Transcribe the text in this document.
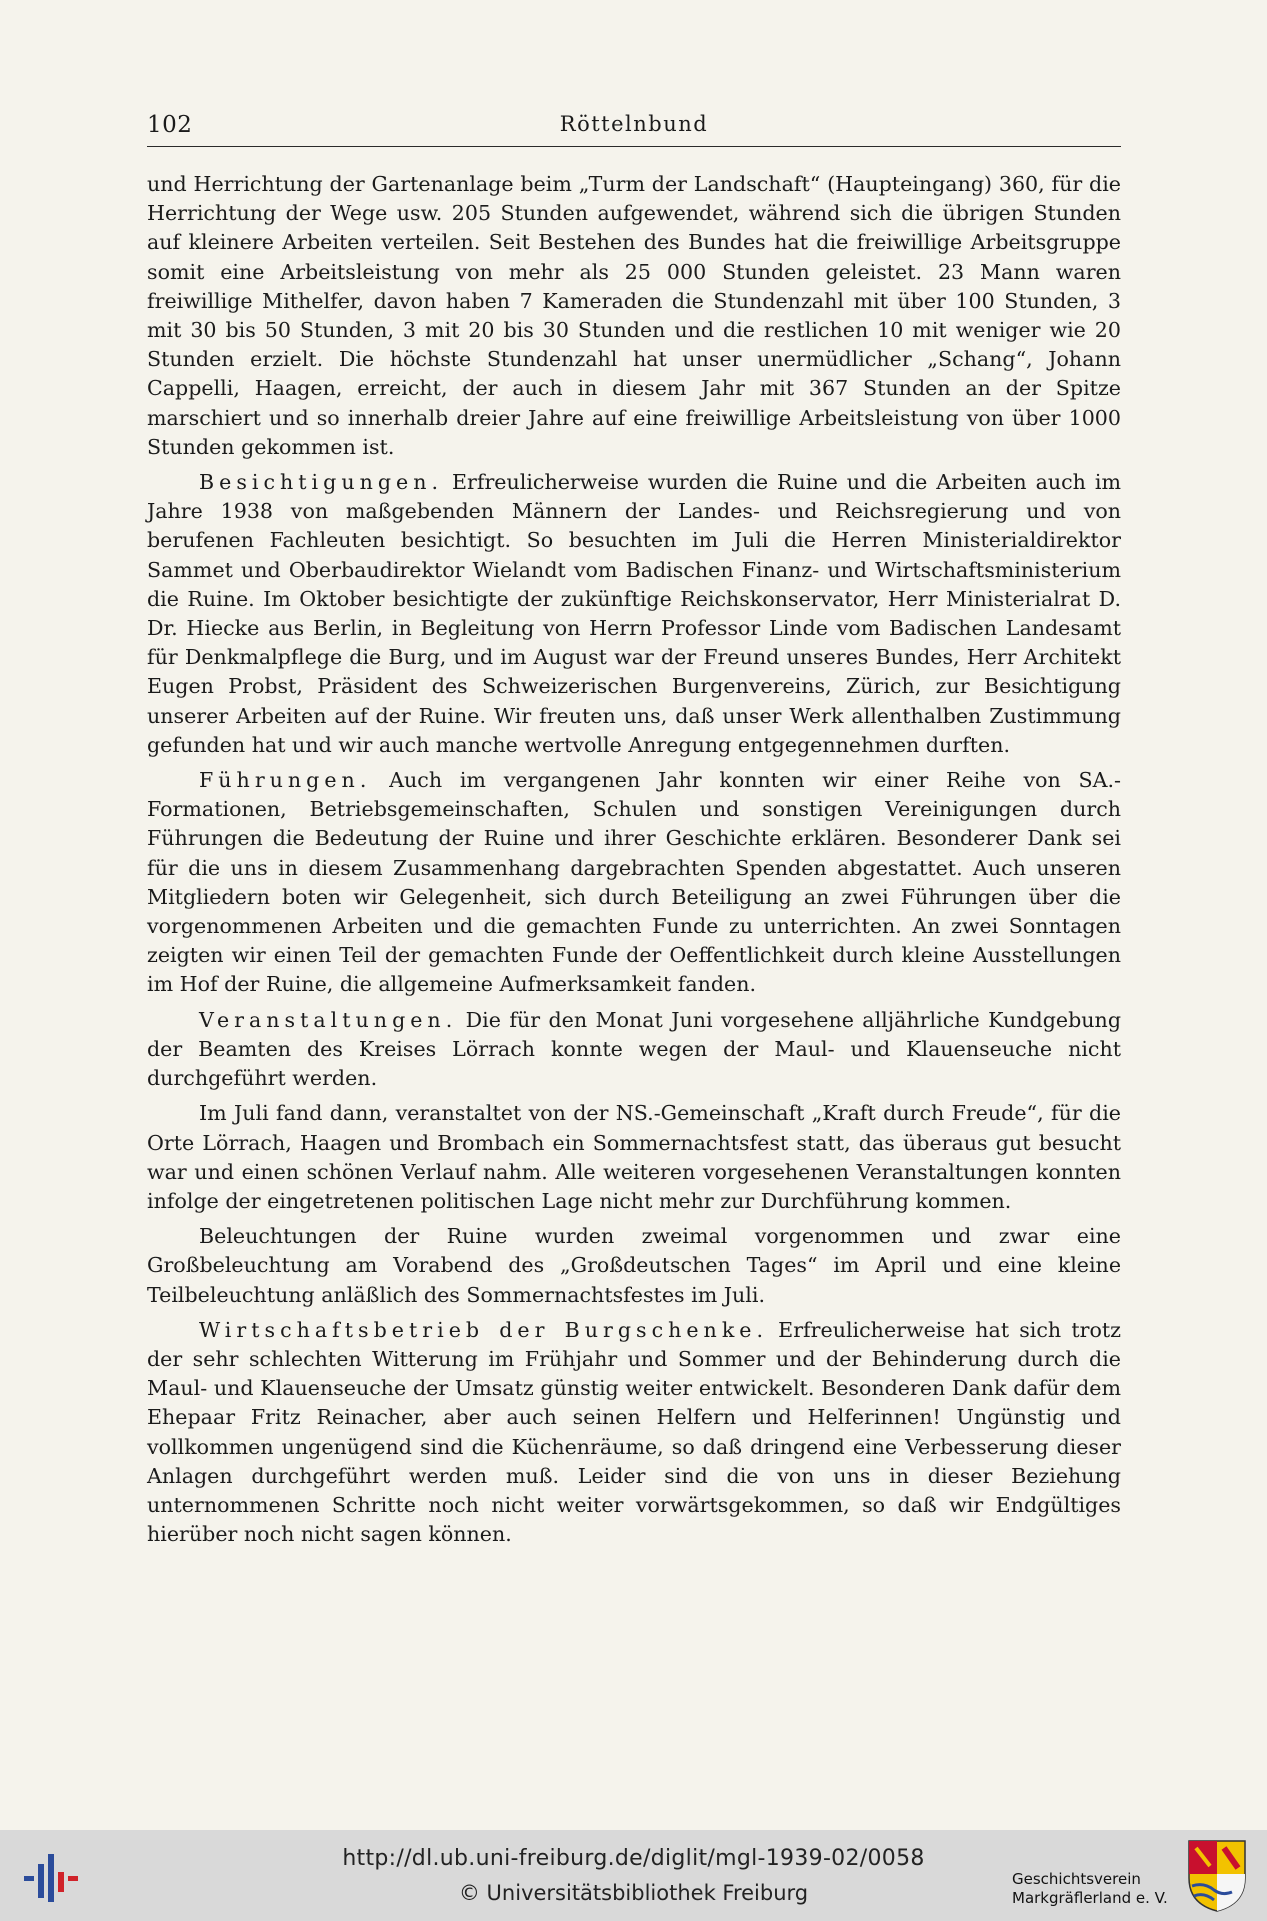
102	Röttelnbund

und Herrichtung der Gartenanlage beim „Turm der Landschaft“ (Haupteingang) 360, für die Herrichtung der Wege usw. 205 Stunden aufgewendet, während sich die übrigen Stunden auf kleinere Arbeiten verteilen. Seit Bestehen des Bundes hat die freiwillige Arbeitsgruppe somit eine Arbeitsleistung von mehr als 25 000 Stunden geleistet. 23 Mann waren freiwillige Mithelfer, davon haben 7 Kameraden die Stundenzahl mit über 100 Stunden, 3 mit 30 bis 50 Stunden, 3 mit 20 bis 30 Stunden und die restlichen 10 mit weniger wie 20 Stunden erzielt. Die höchste Stundenzahl hat unser unermüdlicher „Schang“, Johann Cappelli, Haagen, erreicht, der auch in diesem Jahr mit 367 Stunden an der Spitze marschiert und so innerhalb dreier Jahre auf eine freiwillige Arbeitsleistung von über 1000 Stunden gekommen ist.

Besichtigungen. Erfreulicherweise wurden die Ruine und die Arbeiten auch im Jahre 1938 von maßgebenden Männern der Landes- und Reichsregierung und von berufenen Fachleuten besichtigt. So besuchten im Juli die Herren Ministerialdirektor Sammet und Oberbaudirektor Wielandt vom Badischen Finanz- und Wirtschaftsministerium die Ruine. Im Oktober besichtigte der zukünftige Reichskonservator, Herr Ministerialrat D. Dr. Hiecke aus Berlin, in Begleitung von Herrn Professor Linde vom Badischen Landesamt für Denkmalpflege die Burg, und im August war der Freund unseres Bundes, Herr Architekt Eugen Probst, Präsident des Schweizerischen Burgenvereins, Zürich, zur Besichtigung unserer Arbeiten auf der Ruine. Wir freuten uns, daß unser Werk allenthalben Zustimmung gefunden hat und wir auch manche wertvolle Anregung entgegennehmen durften.

Führungen. Auch im vergangenen Jahr konnten wir einer Reihe von SA.-Formationen, Betriebsgemeinschaften, Schulen und sonstigen Vereinigungen durch Führungen die Bedeutung der Ruine und ihrer Geschichte erklären. Besonderer Dank sei für die uns in diesem Zusammenhang dargebrachten Spenden abgestattet. Auch unseren Mitgliedern boten wir Gelegenheit, sich durch Beteiligung an zwei Führungen über die vorgenommenen Arbeiten und die gemachten Funde zu unterrichten. An zwei Sonntagen zeigten wir einen Teil der gemachten Funde der Oeffentlichkeit durch kleine Ausstellungen im Hof der Ruine, die allgemeine Aufmerksamkeit fanden.

Veranstaltungen. Die für den Monat Juni vorgesehene alljährliche Kundgebung der Beamten des Kreises Lörrach konnte wegen der Maul- und Klauenseuche nicht durchgeführt werden.

Im Juli fand dann, veranstaltet von der NS.-Gemeinschaft „Kraft durch Freude“, für die Orte Lörrach, Haagen und Brombach ein Sommernachtsfest statt, das überaus gut besucht war und einen schönen Verlauf nahm. Alle weiteren vorgesehenen Veranstaltungen konnten infolge der eingetretenen politischen Lage nicht mehr zur Durchführung kommen.

Beleuchtungen der Ruine wurden zweimal vorgenommen und zwar eine Großbeleuchtung am Vorabend des „Großdeutschen Tages“ im April und eine kleine Teilbeleuchtung anläßlich des Sommernachtsfestes im Juli.

Wirtschaftsbetrieb der Burgschenke. Erfreulicherweise hat sich trotz der sehr schlechten Witterung im Frühjahr und Sommer und der Behinderung durch die Maul- und Klauenseuche der Umsatz günstig weiter entwickelt. Besonderen Dank dafür dem Ehepaar Fritz Reinacher, aber auch seinen Helfern und Helferinnen! Ungünstig und vollkommen ungenügend sind die Küchenräume, so daß dringend eine Verbesserung dieser Anlagen durchgeführt werden muß. Leider sind die von uns in dieser Beziehung unternommenen Schritte noch nicht weiter vorwärtsgekommen, so daß wir Endgültiges hierüber noch nicht sagen können.

http://dl.ub.uni-freiburg.de/diglit/mgl-1939-02/0058
© Universitätsbibliothek Freiburg
Geschichtsverein
Markgräflerland e. V.
